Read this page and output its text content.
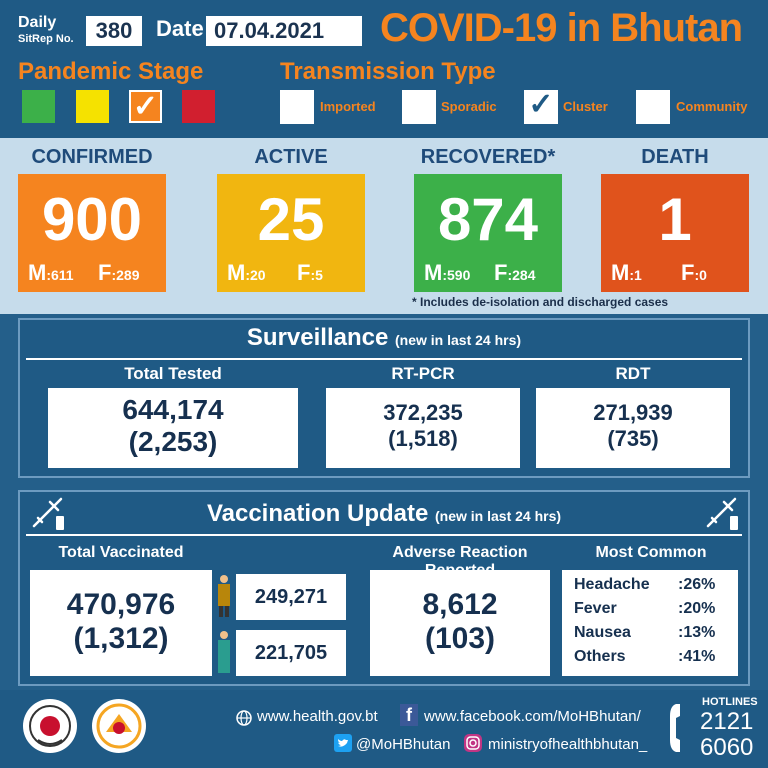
Daily
SitRep No.	380	Date 07.04.2021	COVID-19 in Bhutan
Pandemic Stage	Transmission Type
✓	Imported	Sporadic ✓ Cluster	Community
CONFIRMED
900
M:611 F:289
ACTIVE
25
M:20 F:5
RECOVERED*
874
M:590 F:284
DEATH
1
M:1 F:0
* Includes de-isolation and discharged cases
Surveillance (new in last 24 hrs)
Total Tested
644,174
(2,253)
RT-PCR
372,235
(1,518)
RDT
271,939
(735)
Vaccination Update (new in last 24 hrs)
Total Vaccinated
470,976
(1,312)
249,271
221,705
Adverse Reaction
8,612
(103)
Most Common
Headache :26%
Fever	:20%
Nausea	:13%
Others	:41%
www.health.gov.bt	f www.facebook.com/MoHBhutan/
@MoHBhutan	ministryofhealthbhutan_
HOTLINES
2121
6060
